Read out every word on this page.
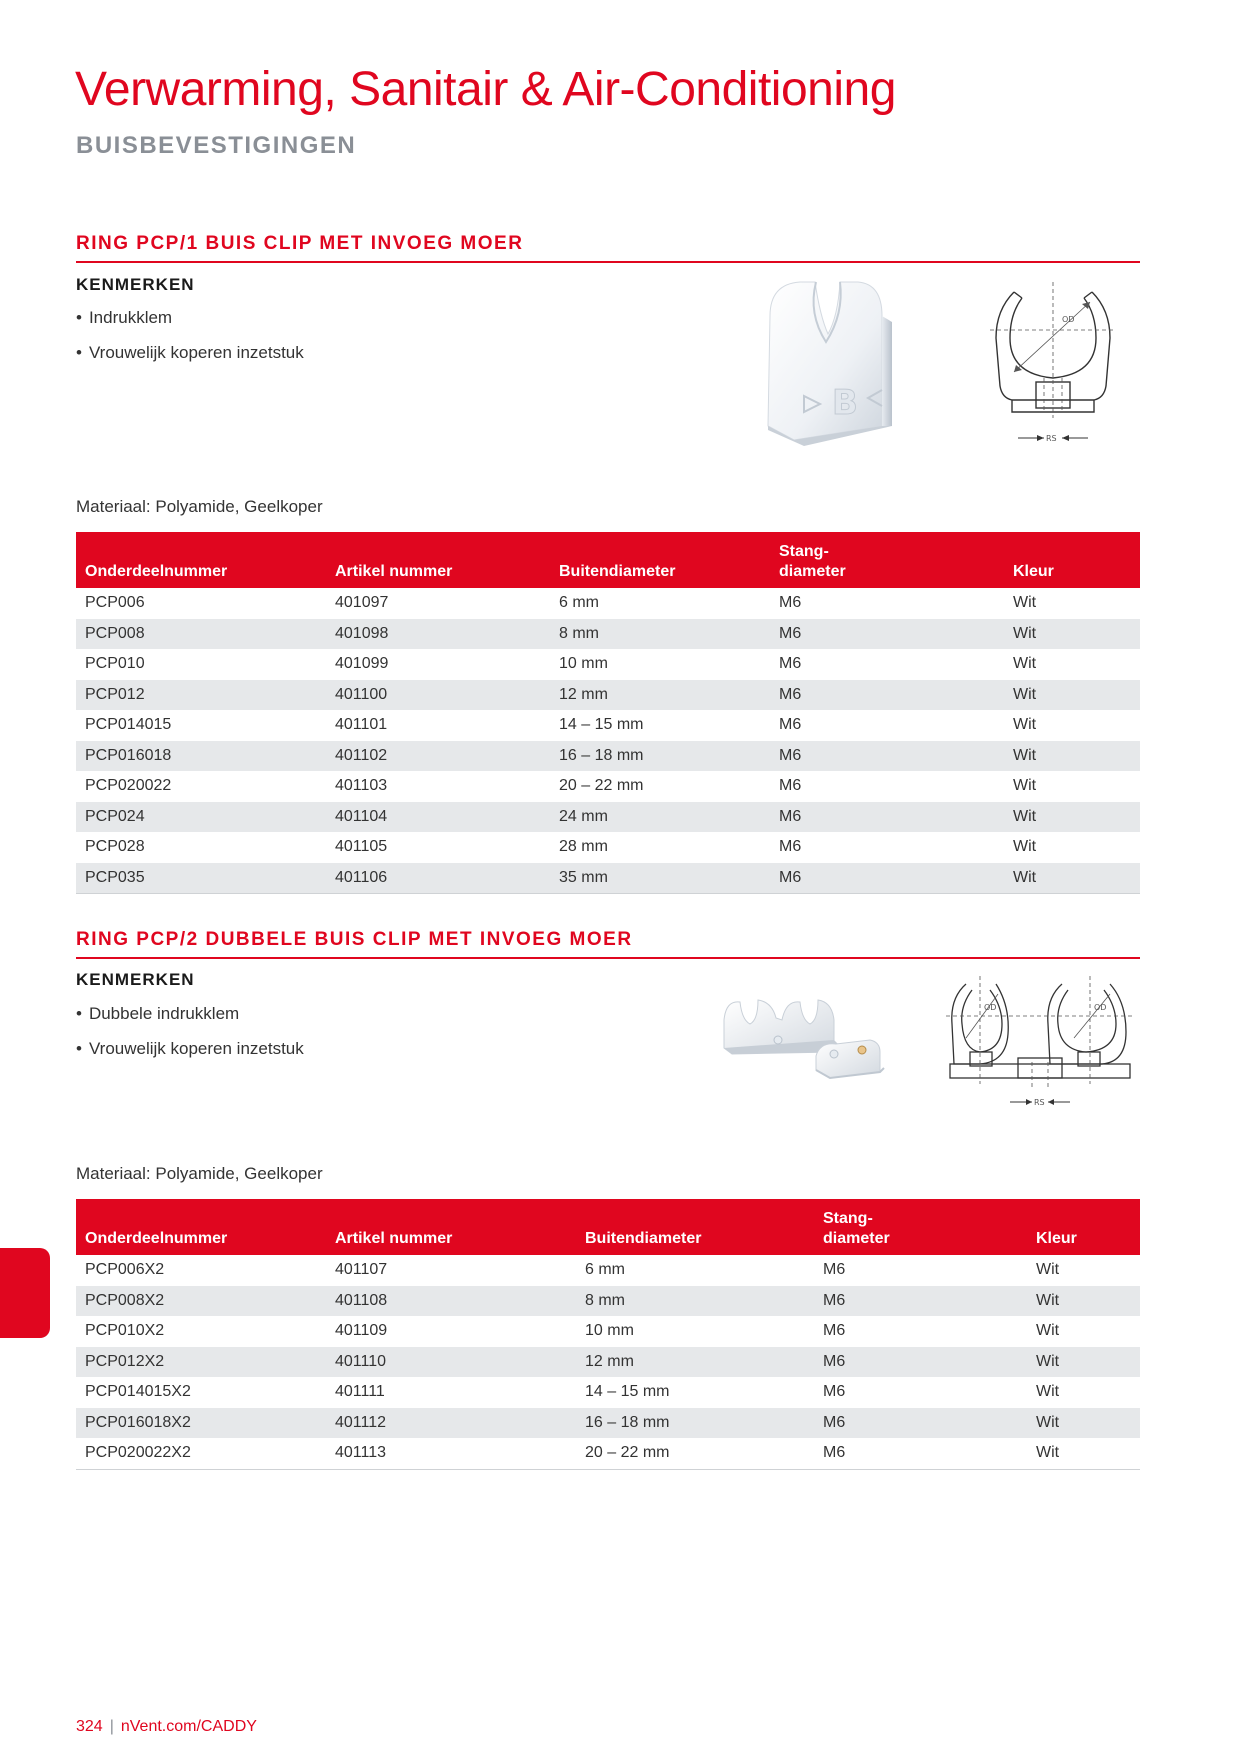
Verwarming, Sanitair & Air-Conditioning
BUISBEVESTIGINGEN
RING PCP/1 BUIS CLIP MET INVOEG MOER
KENMERKEN
• Indrukklem
• Vrouwelijk koperen inzetstuk
B
OD
RS
Materiaal: Polyamide, Geelkoper
Onderdeelnummer	Artikel nummer	Buitendiameter	Stang-
diameter	Kleur
PCP006	401097	6 mm	M6	Wit
PCP008	401098	8 mm	M6	Wit
PCP010	401099	10 mm	M6	Wit
PCP012	401100	12 mm	M6	Wit
PCP014015	401101	14 – 15 mm	M6	Wit
PCP016018	401102	16 – 18 mm	M6	Wit
PCP020022	401103	20 – 22 mm	M6	Wit
PCP024	401104	24 mm	M6	Wit
PCP028	401105	28 mm	M6	Wit
PCP035	401106	35 mm	M6	Wit
RING PCP/2 DUBBELE BUIS CLIP MET INVOEG MOER
KENMERKEN
• Dubbele indrukklem
• Vrouwelijk koperen inzetstuk
OD	OD
RS
Materiaal: Polyamide, Geelkoper
Onderdeelnummer	Artikel nummer	Buitendiameter	Stang-
diameter	Kleur
PCP006X2	401107	6 mm	M6	Wit
PCP008X2	401108	8 mm	M6	Wit
PCP010X2	401109	10 mm	M6	Wit
PCP012X2	401110	12 mm	M6	Wit
PCP014015X2	401111	14 – 15 mm	M6	Wit
PCP016018X2	401112	16 – 18 mm	M6	Wit
PCP020022X2	401113	20 – 22 mm	M6	Wit
324 | nVent.com/CADDY
